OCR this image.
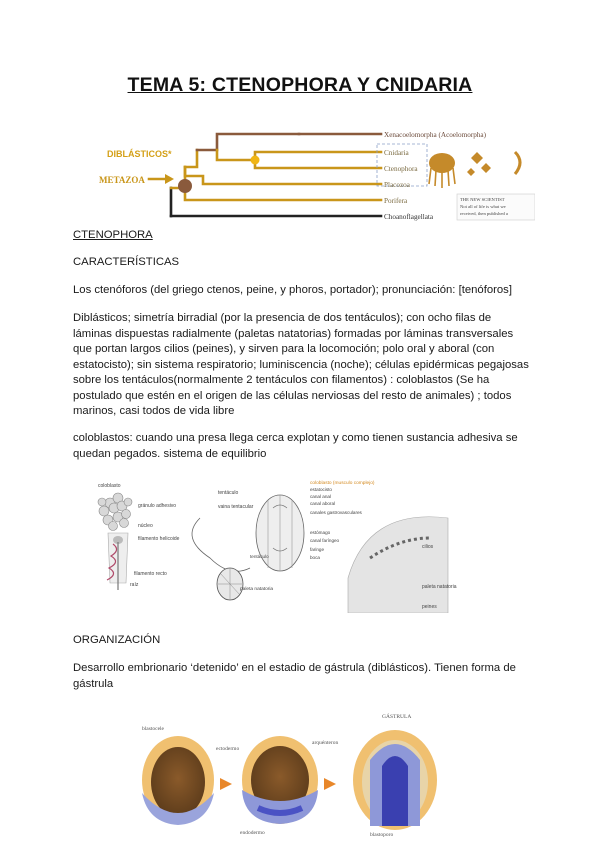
TEMA 5: CTENOPHORA Y CNIDARIA
DIBLÁSTICOS*
METAZOA
Xenacoelomorpha (Acoelomorpha)
Cnidaria
Ctenophora
Placozoa
Porifera
Choanoflagellata
THE NEW SCIENTIST
Not all of life is what we
received, then published a
CTENOPHORA
CARACTERÍSTICAS
Los ctenóforos (del griego ctenos, peine, y phoros, portador); pronunciación: [tenóforos]
Diblásticos; simetría birradial (por la presencia de dos tentáculos); con ocho filas de láminas dispuestas radialmente (paletas natatorias) formadas por láminas transversales que portan largos cilios (peines), y sirven para la locomoción; polo oral y aboral (con estatocisto); sin sistema respiratorio; luminiscencia (noche); células epidérmicas pegajosas sobre los tentáculos(normalmente 2 tentáculos con filamentos) : coloblastos (Se ha postulado que estén en el origen de las células nerviosas del resto de animales) ; todos marinos, casi todos de vida libre
coloblastos: cuando una presa llega cerca explotan y como tienen sustancia adhesiva se quedan pegados. sistema de equilibrio
coloblasto
gránulo adhesivo
núcleo
filamento helicoide
filamento recto
raíz
paleta natatoria
tentáculo
vaina tentacular
coloblasto (musculo complejo)
estatocisto
canal anal
canal aboral
canales gastrovasculares
estómago
canal faríngeo
faringe
boca
tentáculo
cilios
paleta natatoria
peines
ORGANIZACIÓN
Desarrollo embrionario ‘detenido’ en el estadio de gástrula (diblásticos). Tienen forma de gástrula
blastocele
ectodermo
endodermo
arquénteron
blastoporo
GÁSTRULA
